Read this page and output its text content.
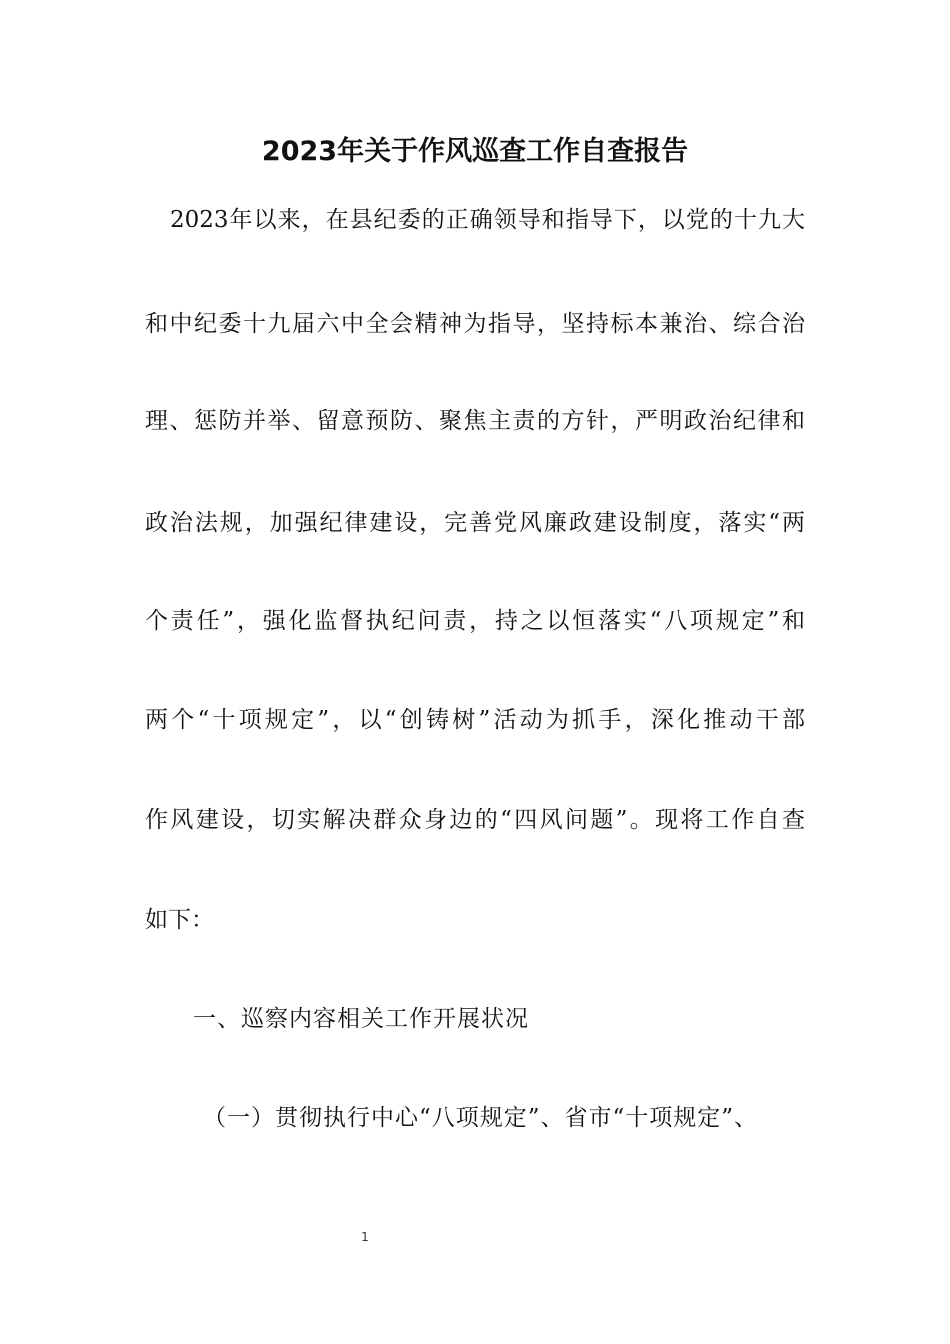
2023年关于作风巡查工作自查报告
2023年以来，在县纪委的正确领导和指导下，以党的十九大
和中纪委十九届六中全会精神为指导，坚持标本兼治、综合治
理、惩防并举、留意预防、聚焦主责的方针，严明政治纪律和
政治法规，加强纪律建设，完善党风廉政建设制度，落实“两
个责任”，强化监督执纪问责，持之以恒落实“八项规定”和
两个“十项规定”，以“创铸树”活动为抓手，深化推动干部
作风建设，切实解决群众身边的“四风问题”。现将工作自查
如下：
一、巡察内容相关工作开展状况
（一）贯彻执行中心“八项规定”、省市“十项规定”、
1
